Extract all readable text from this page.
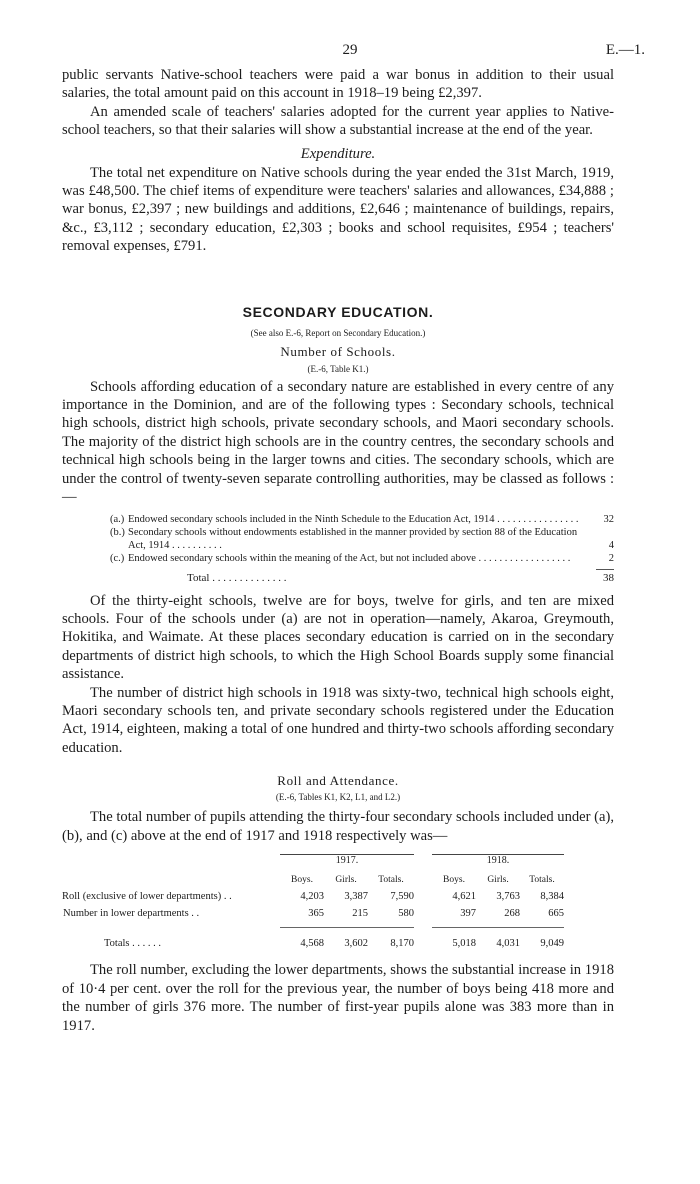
29	E.—1.

public servants Native-school teachers were paid a war bonus in addition to their usual salaries, the total amount paid on this account in 1918–19 being £2,397.

An amended scale of teachers' salaries adopted for the current year applies to Native-school teachers, so that their salaries will show a substantial increase at the end of the year.

Expenditure.

The total net expenditure on Native schools during the year ended the 31st March, 1919, was £48,500. The chief items of expenditure were teachers' salaries and allowances, £34,888 ; war bonus, £2,397 ; new buildings and additions, £2,646 ; maintenance of buildings, repairs, &c., £3,112 ; secondary education, £2,303 ; books and school requisites, £954 ; teachers' removal expenses, £791.

SECONDARY EDUCATION.
(See also E.-6, Report on Secondary Education.)
Number of Schools.
(E.-6, Table K1.)

Schools affording education of a secondary nature are established in every centre of any importance in the Dominion, and are of the following types : Secondary schools, technical high schools, district high schools, private secondary schools, and Maori secondary schools. The majority of the district high schools are in the country centres, the secondary schools and technical high schools being in the larger towns and cities. The secondary schools, which are under the control of twenty-seven separate controlling authorities, may be classed as follows :—

(a.) Endowed secondary schools included in the Ninth Schedule to the Education Act, 1914 . . . . . . . . . . . . . . . .	32
(b.) Secondary schools without endowments established in the manner provided by section 88 of the Education Act, 1914 . . . . . . . . . .	4
(c.) Endowed secondary schools within the meaning of the Act, but not included above . . . . . . . . . . . . . . . . . .	2
Total . . . . . . . . . . . . . .	38

Of the thirty-eight schools, twelve are for boys, twelve for girls, and ten are mixed schools. Four of the schools under (a) are not in operation—namely, Akaroa, Greymouth, Hokitika, and Waimate. At these places secondary education is carried on in the secondary departments of district high schools, to which the High School Boards supply some financial assistance.

The number of district high schools in 1918 was sixty-two, technical high schools eight, Maori secondary schools ten, and private secondary schools registered under the Education Act, 1914, eighteen, making a total of one hundred and thirty-two schools affording secondary education.

Roll and Attendance.
(E.-6, Tables K1, K2, L1, and L2.)

The total number of pupils attending the thirty-four secondary schools included under (a), (b), and (c) above at the end of 1917 and 1918 respectively was—

	1917.				1918.		
	Boys.	Girls.	Totals.		Boys.	Girls.	Totals.
Roll (exclusive of lower departments) . .	4,203	3,387	7,590		4,621	3,763	8,384
Number in lower departments . .	365	215	580		397	268	665

Totals . . . . . .	4,568	3,602	8,170		5,018	4,031	9,049

The roll number, excluding the lower departments, shows the substantial increase in 1918 of 10·4 per cent. over the roll for the previous year, the number of boys being 418 more and the number of girls 376 more. The number of first-year pupils alone was 383 more than in 1917.
